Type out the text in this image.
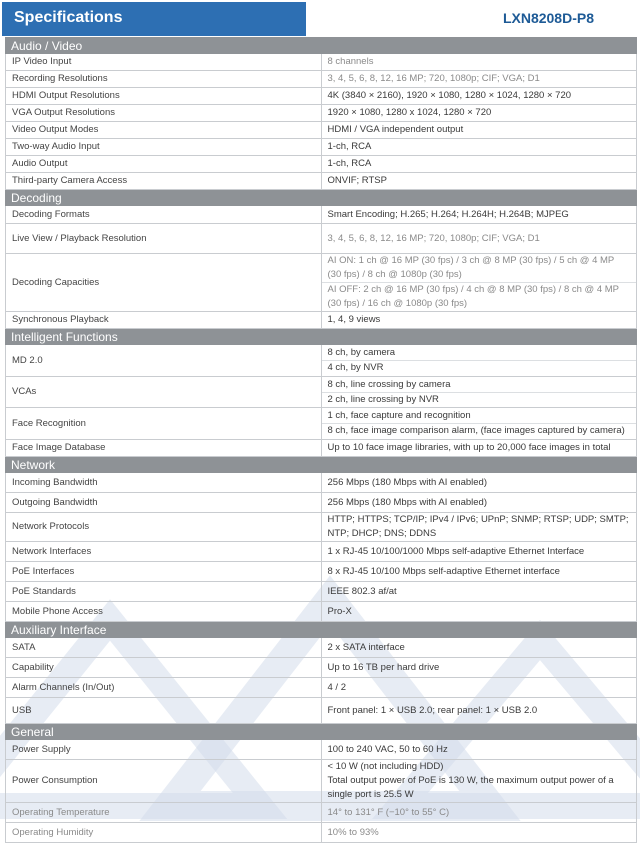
Specifications	LXN8208D-P8
Audio / Video	
IP Video Input	8 channels
Recording Resolutions	3, 4, 5, 6, 8, 12, 16 MP; 720, 1080p; CIF; VGA; D1
HDMI Output Resolutions	4K (3840 × 2160), 1920 × 1080, 1280 × 1024, 1280 × 720
VGA Output Resolutions	1920 × 1080, 1280 x 1024, 1280 × 720
Video Output Modes	HDMI / VGA independent output
Two-way Audio Input	1-ch, RCA
Audio Output	1-ch, RCA
Third-party Camera Access	ONVIF; RTSP
Decoding	
Decoding Formats	Smart Encoding; H.265; H.264; H.264H; H.264B; MJPEG
Live View / Playback Resolution	3, 4, 5, 6, 8, 12, 16 MP; 720, 1080p; CIF; VGA; D1
Decoding Capacities	AI ON: 1 ch @ 16 MP (30 fps) / 3 ch @ 8 MP (30 fps) / 5 ch @ 4 MP (30 fps) / 8 ch @ 1080p (30 fps)
AI OFF: 2 ch @ 16 MP (30 fps) / 4 ch @ 8 MP (30 fps) / 8 ch @ 4 MP (30 fps) / 16 ch @ 1080p (30 fps)

Synchronous Playback	1, 4, 9 views
Intelligent Functions	
MD 2.0	8 ch, by camera
4 ch, by NVR

VCAs	8 ch, line crossing by camera
2 ch, line crossing by NVR

Face Recognition	1 ch, face capture and recognition
8 ch, face image comparison alarm, (face images captured by camera)

Face Image Database	Up to 10 face image libraries, with up to 20,000 face images in total
Network	
Incoming Bandwidth	256 Mbps (180 Mbps with AI enabled)
Outgoing Bandwidth	256 Mbps (180 Mbps with AI enabled)
Network Protocols	HTTP; HTTPS; TCP/IP; IPv4 / IPv6; UPnP; SNMP; RTSP; UDP; SMTP; NTP; DHCP; DNS; DDNS
Network Interfaces	1 x RJ-45 10/100/1000 Mbps self-adaptive Ethernet Interface
PoE Interfaces	8 x RJ-45 10/100 Mbps self-adaptive Ethernet interface
PoE Standards	IEEE 802.3 af/at
Mobile Phone Access	Pro-X
Auxiliary Interface	
SATA	2 x SATA interface
Capability	Up to 16 TB per hard drive
Alarm Channels (In/Out)	4 / 2
USB	Front panel: 1 × USB 2.0; rear panel: 1 × USB 2.0
General	
Power Supply	100 to 240 VAC, 50 to 60 Hz
Power Consumption	< 10 W (not including HDD)
Total output power of PoE is 130 W, the maximum output power of a single port is 25.5 W

Operating Temperature	14° to 131° F (−10° to 55° C)
Operating Humidity	10% to 93%
